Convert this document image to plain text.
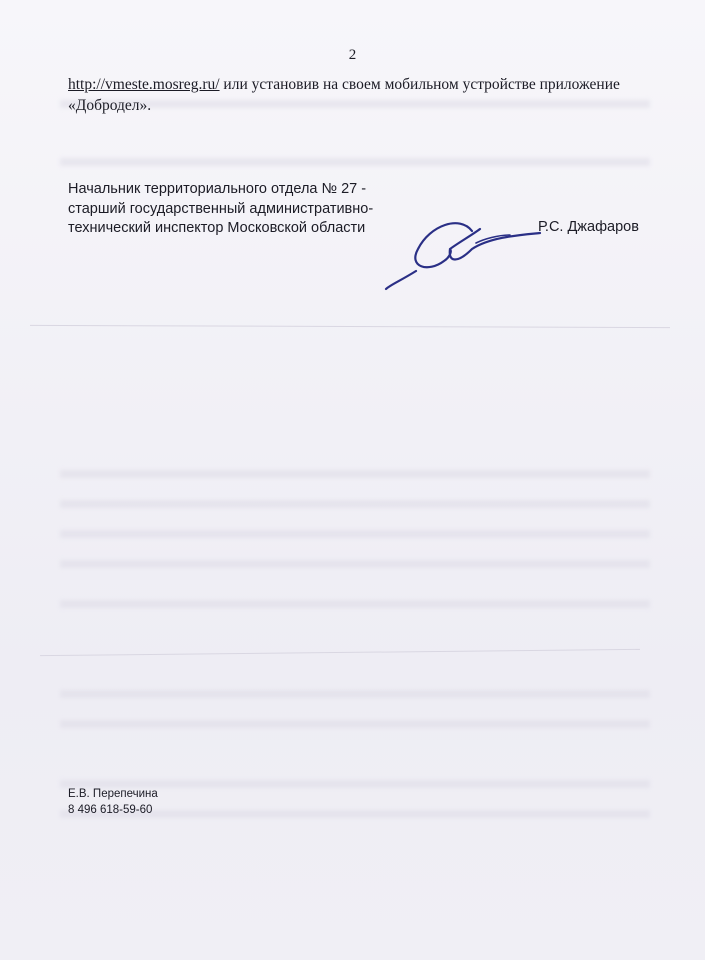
2
http://vmeste.mosreg.ru/ или установив на своем мобильном устройстве приложение «Добродел».
Начальник территориального отдела № 27 -
старший государственный административно-
технический инспектор Московской области	Р.С. Джафаров
Е.В. Перепечина
8 496 618-59-60
